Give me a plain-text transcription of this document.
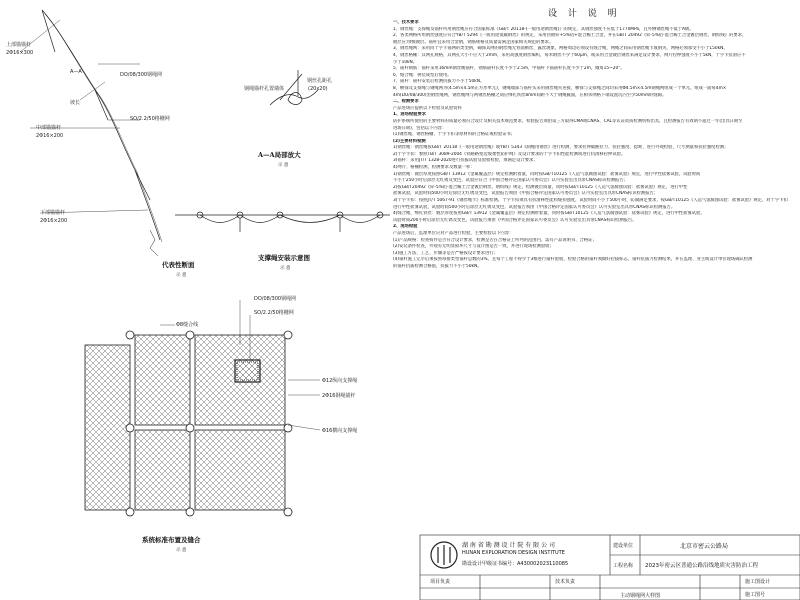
设 计 说 明
一、技术要求
1、钢丝绳：支撑绳及锚杆所用钢丝绳应符合国家标准《GB/T 20118-(一般用途钢丝绳)》的规定，其钢丝强度不应低于1770MPa，且外侧钢丝绳不低于A级。
2、各类网格所用钢丝强度应符合YB/T 5294《一般用途低碳钢丝》的规定，采用热镀锌+5%铝+混合稀土合金，并在GB/T 20492《锌-5%铝-混合稀土合金镀层钢丝、钢绞线》的要求，
镀层应为Ⅰ级镀层。锚杆宜采用合金钢，钢筋规格及质量需满足国家相关规范的要求。
3、钢丝绳网：采用同十字卡锚网的类型钢，确保其网的钢丝绳无背面断丝、露丝现象，网格周边必须设有缝合绳，网绳之间采用钢丝绳卡或钢夹，网格必须承受不小于150kN。
4、钢丝格栅：其网孔规格，其网孔大小不应大于2mm，采用高强度钢丝编织，每米钢丝不少于60μm，或采用合金镀层钢丝来满足设计要求，网片拉伸强度不小于5kN，十字卡抗滑应不
小于10kN。
5、锚杆钢筋：锚杆采用16mm钢丝绳锚杆，钢筋锚杆长度不少于2.5m，中锚杆下锚锚杆长度不少于2m，倾角15~20°。
6、缝合绳：拼装成型后使用。
7、锚杆：锚杆安装后检测抗拔力不小于50kN。
8、横撑及支撑绳与钢绳网为(4.5m×4.5m正方形单元)，钢绳端部与锚杆头采用钢丝绳夹连接，横撑与支撑绳之间均采用Φ4.5m×4.5m钢绳网组成一个单元。组成一面每4m×
4m(DO/08/300)型钢丝绳网，钢丝绳网与两钢丝格栅之间应绑扎铁丝8mm间距不大于钢绳截面，在相邻网格下端设置坑内至少50mm的缝隙。
二、检测要求
产品进场应提供以下检验及试验资料
1、进场检验要求
防护系统所使用的主要材料的质量必须符合设计及相关技术规范要求，检验报告须由第三方取得CMA或CNAS、CAL等认证资质检测机构出具，且检测报告有效期不超过一年(出具日期至
进场日期)，包括以下内容：
(1)钢丝绳、钢丝格栅、十字卡扣等原材料的合格证或检验证书；
(2)主要材料检测
1)钢丝绳：钢丝绳按GB/T 20118《一般用途钢丝绳》或YB/T 5343《制绳用钢丝》进行检测，要求拉伸破断拉力、抗拉强度、捻距、进行外观检验，尺寸测量和抗拉强度检测；
2)十字卡扣：参照TB/T 3089-2004《铁路路堑边坡柔性防护网》及设计要求的十字卡扣性能检测项进行抗滑移拉伸试验。
3)锚杆：采用JT/T 1328-2020进行抗拔试验及验收检验，须满足设计要求；
4)网片、格栅检测，检测要求及数量一样：
1)钢丝绳：镀层厚度按照GB/T 13912《金属覆盖层》规定检测附着量，同时按GB/T10125《人造气氛腐蚀试验：盐雾试验》规定，进行中性盐雾试验，试验时间
不小于250小时后涂层无红锈及变色，试验应符合《中国合格评定国家认可委员会》认可实验室出具带CNAS标识检测报告；
2)按GB/T20492《锌-5%铝-混合稀土合金镀层钢丝、钢绞线》规定，检测镀层质量，同时按GB/T10125《人造气氛腐蚀试验：盐雾试验》规定，进行中性
盐雾试验，试验时间500小时后涂层无红锈及变色，试验报告须由《中国合格评定国家认可委员会》认可实验室出具带CNAS标识检测报告；
3)十字卡扣：按照JT/T 5067-91《钢丝绳卡》标准检测。十字卡扣须具有抗滑移性能和缝扣强度，试验时间不小于500小时，防腐满足要求，按GB/T10125《人造气氛腐蚀试验：盐雾试验》规定，对十字卡扣
进行中性盐雾试验，试验时间500小时后涂层无红锈及变色，试验报告须由《中国合格评定国家认可委员会》认可实验室出具带CNAS标识检测报告。
4)缝合绳、绑扎铁丝：镀层厚度按照GB/T 13912《金属覆盖层》规定检测附着量，同时按GB/T10125《人造气氛腐蚀试验：盐雾试验》规定，进行中性盐雾试验，
试验时间200小时后涂层无红锈及变色，试验报告须由《中国合格评定国家认可委员会》认可实验室出具带CNAS标识检测报告。
2、现场检验
产品进场后，监理单位应对产品进行检验，主要检验以下内容：
(1)产品规格：检查构件是否符合设计要求，检测是否在合格证上所列的范围内，需有产品说明书、合格证；
(2)安装条件检查，外观有无明显损坏尺寸与设计图是否一致，并进行现场检测验收；
(3)施工方法、工艺、步骤等是否严格按设计要求进行；
(4)锚杆施工完毕后须按照每排类型锚杆总数的3%，且每个工程不得少于3根进行锚杆验收，检验合格的锚杆须做好拉拔标志，锚杆抗拔力检测结果，并在监理、业主或设计单位现场确认检测
的锚杆抗拔检测合格值，抗拔力不小于50kN。
上部锚锚杆
2Φ16×300
A—A	DO/08/300钢绳网
SO/2.2/50格栅网
坡长
中部锚锚杆
2Φ16×200
下部锚锚杆
2Φ16×200
代表性断面
示 意
钢绳锚杆孔置墙体
钢丝孔距孔
(20x20)
A—A局部放大
示 意
支撑绳安装示意图
示 意
DO/08/300钢绳网
SO/2.2/50格栅网
Φ8缝合线
Φ12纵向支撑绳
2Φ16钢绳锚杆
Φ16横向支撑绳
系统标准布置及缝合
示 意
湖 南 省 勘 测 设 计 院 有 限 公 司
HUNAN EXPLORATION DESIGN INSTITUTE
勘设设计甲级证书编号：A430002023110085
建设单位	北京市密云公路局
工程名称 2023年密云区普通公路沿线地质灾害防治工程
项目负责	技术负责	施工图设计
主动钢绳网大样图	施工图号
